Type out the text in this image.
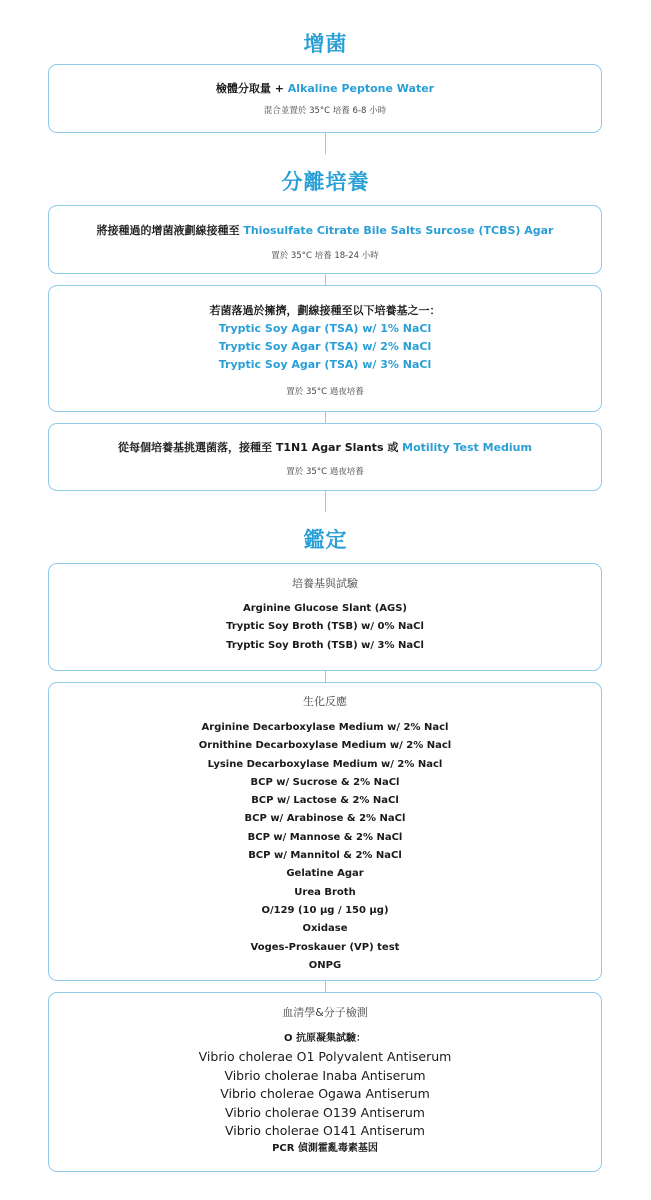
增菌
檢體分取量 + Alkaline Peptone Water
混合並置於 35°C 培養 6-8 小時
分離培養
將接種過的增菌液劃線接種至 Thiosulfate Citrate Bile Salts Surcose (TCBS) Agar
置於 35°C 培養 18-24 小時
若菌落過於擁擠，劃線接種至以下培養基之一：
Tryptic Soy Agar (TSA) w/ 1% NaCl
Tryptic Soy Agar (TSA) w/ 2% NaCl
Tryptic Soy Agar (TSA) w/ 3% NaCl
置於 35°C 過夜培養
從每個培養基挑選菌落，接種至 T1N1 Agar Slants 或 Motility Test Medium
置於 35°C 過夜培養
鑑定
培養基與試驗
Arginine Glucose Slant (AGS)
Tryptic Soy Broth (TSB) w/ 0% NaCl
Tryptic Soy Broth (TSB) w/ 3% NaCl
生化反應
Arginine Decarboxylase Medium w/ 2% Nacl
Ornithine Decarboxylase Medium w/ 2% Nacl
Lysine Decarboxylase Medium w/ 2% Nacl
BCP w/ Sucrose & 2% NaCl
BCP w/ Lactose & 2% NaCl
BCP w/ Arabinose & 2% NaCl
BCP w/ Mannose & 2% NaCl
BCP w/ Mannitol & 2% NaCl
Gelatine Agar
Urea Broth
O/129 (10 µg / 150 µg)
Oxidase
Voges-Proskauer (VP) test
ONPG
血清學&分子檢測
O 抗原凝集試驗：
Vibrio cholerae O1 Polyvalent Antiserum
Vibrio cholerae Inaba Antiserum
Vibrio cholerae Ogawa Antiserum
Vibrio cholerae O139 Antiserum
Vibrio cholerae O141 Antiserum
PCR 偵測霍亂毒素基因
